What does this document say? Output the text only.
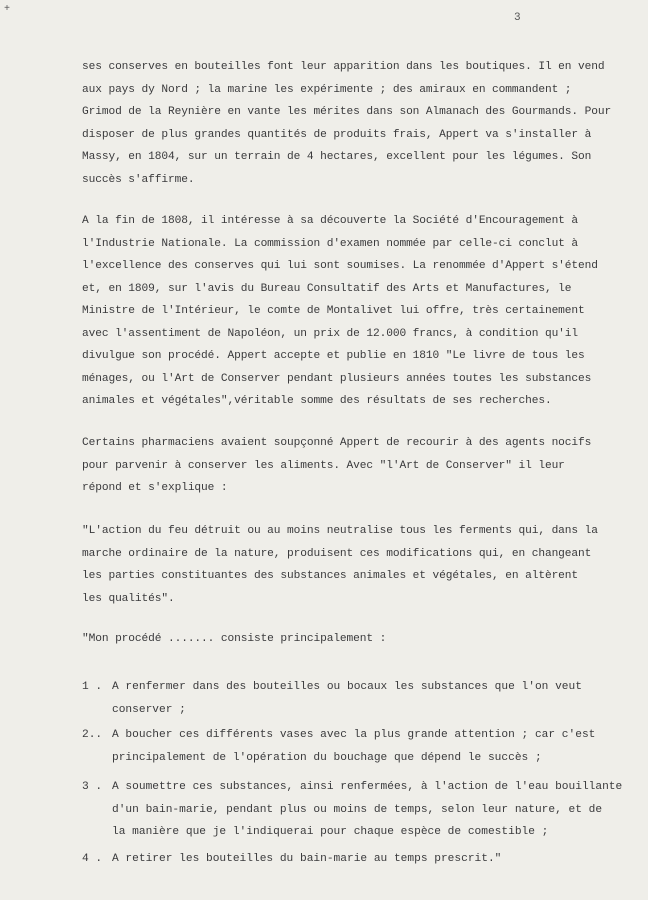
+
3
ses conserves en bouteilles font leur apparition dans les boutiques. Il en vend
aux pays dy Nord ; la marine les expérimente ; des amiraux en commandent ;
Grimod de la Reynière en vante les mérites dans son Almanach des Gourmands. Pour
disposer de plus grandes quantités de produits frais, Appert va s'installer à
Massy, en 1804, sur un terrain de 4 hectares, excellent pour les légumes. Son
succès s'affirme.
A la fin de 1808, il intéresse à sa découverte la Société d'Encouragement à
l'Industrie Nationale. La commission d'examen nommée par celle-ci conclut à
l'excellence des conserves qui lui sont soumises. La renommée d'Appert s'étend
et, en 1809, sur l'avis du Bureau Consultatif des Arts et Manufactures, le
Ministre de l'Intérieur, le comte de Montalivet lui offre, très certainement
avec l'assentiment de Napoléon, un prix de 12.000 francs, à condition qu'il
divulgue son procédé. Appert accepte et publie en 1810 "Le livre de tous les
ménages, ou l'Art de Conserver pendant plusieurs années toutes les substances
animales et végétales",véritable somme des résultats de ses recherches.
Certains pharmaciens avaient soupçonné Appert de recourir à des agents nocifs
pour parvenir à conserver les aliments. Avec "l'Art de Conserver" il leur
répond et s'explique :
"L'action du feu détruit ou au moins neutralise tous les ferments qui, dans la
marche ordinaire de la nature, produisent ces modifications qui, en changeant
les parties constituantes des substances animales et végétales, en altèrent
les qualités".
"Mon procédé ....... consiste principalement :
1 . A renfermer dans des bouteilles ou bocaux les substances que l'on veut
conserver ;
2.. A boucher ces différents vases avec la plus grande attention ; car c'est
principalement de l'opération du bouchage que dépend le succès ;
3 . A soumettre ces substances, ainsi renfermées, à l'action de l'eau bouillante
d'un bain-marie, pendant plus ou moins de temps, selon leur nature, et de
la manière que je l'indiquerai pour chaque espèce de comestible ;
4 . A retirer les bouteilles du bain-marie au temps prescrit."
